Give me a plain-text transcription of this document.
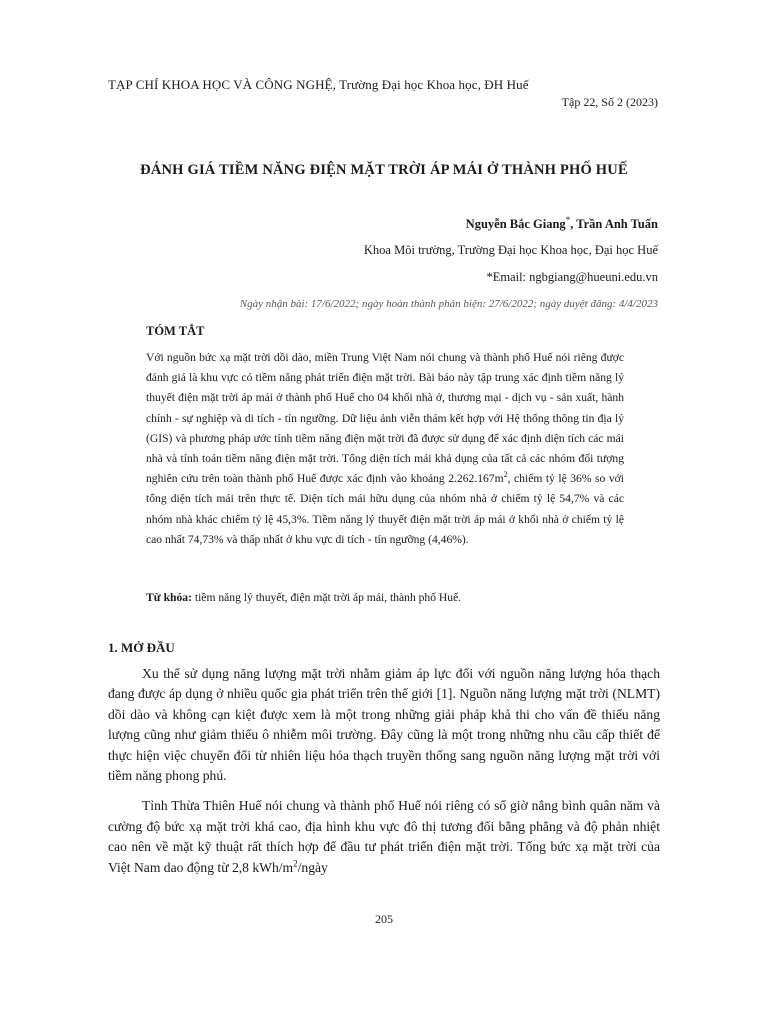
TẠP CHÍ KHOA HỌC VÀ CÔNG NGHỆ, Trường Đại học Khoa học, ĐH Huế
Tập 22, Số 2 (2023)
ĐÁNH GIÁ TIỀM NĂNG ĐIỆN MẶT TRỜI ÁP MÁI Ở THÀNH PHỐ HUẾ
Nguyễn Bắc Giang*, Trần Anh Tuấn
Khoa Môi trường, Trường Đại học Khoa học, Đại học Huế
*Email: ngbgiang@hueuni.edu.vn
Ngày nhận bài: 17/6/2022; ngày hoàn thành phản biện: 27/6/2022; ngày duyệt đăng: 4/4/2023
TÓM TẮT
Với nguồn bức xạ mặt trời dồi dào, miền Trung Việt Nam nói chung và thành phố Huế nói riêng được đánh giá là khu vực có tiềm năng phát triển điện mặt trời. Bài báo này tập trung xác định tiềm năng lý thuyết điện mặt trời áp mái ở thành phố Huế cho 04 khối nhà ở, thương mại - dịch vụ - sản xuất, hành chính - sự nghiệp và di tích - tín ngưỡng. Dữ liệu ảnh viễn thám kết hợp với Hệ thống thông tin địa lý (GIS) và phương pháp ước tính tiềm năng điện mặt trời đã được sử dụng để xác định diện tích các mái nhà và tính toán tiềm năng điện mặt trời. Tổng diện tích mái khả dụng của tất cả các nhóm đối tượng nghiên cứu trên toàn thành phố Huế được xác định vào khoảng $2.262.167m^2$, chiếm tỷ lệ 36% so với tổng diện tích mái trên thực tế. Diện tích mái hữu dụng của nhóm nhà ở chiếm tỷ lệ 54,7% và các nhóm nhà khác chiếm tỷ lệ 45,3%. Tiềm năng lý thuyết điện mặt trời áp mái ở khối nhà ở chiếm tỷ lệ cao nhất 74,73% và thấp nhất ở khu vực di tích - tín ngưỡng (4,46%).
Từ khóa: tiềm năng lý thuyết, điện mặt trời áp mái, thành phố Huế.
1. MỞ ĐẦU

Xu thế sử dụng năng lượng mặt trời nhằm giảm áp lực đối với nguồn năng lượng hóa thạch đang được áp dụng ở nhiều quốc gia phát triển trên thế giới [1]. Nguồn năng lượng mặt trời (NLMT) dồi dào và không cạn kiệt được xem là một trong những giải pháp khả thi cho vấn đề thiếu năng lượng cũng như giảm thiểu ô nhiễm môi trường. Đây cũng là một trong những nhu cầu cấp thiết để thực hiện việc chuyển đổi từ nhiên liệu hóa thạch truyền thống sang nguồn năng lượng mặt trời với tiềm năng phong phú.

Tỉnh Thừa Thiên Huế nói chung và thành phố Huế nói riêng có số giờ nắng bình quân năm và cường độ bức xạ mặt trời khá cao, địa hình khu vực đô thị tương đối bằng phẳng và độ phản nhiệt cao nên về mặt kỹ thuật rất thích hợp để đầu tư phát triển điện mặt trời. Tổng bức xạ mặt trời của Việt Nam dao động từ 2,8 kWh/$m^2$/ngày

205
